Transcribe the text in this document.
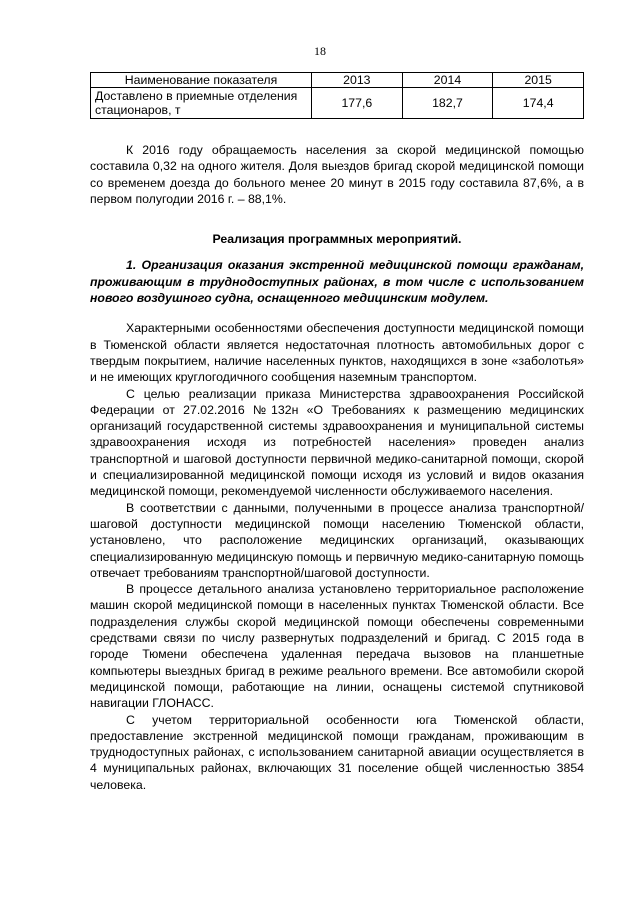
18
Наименование показателя	2013	2014	2015
Доставлено в приемные отделения стационаров, т	177,6	182,7	174,4

К 2016 году обращаемость населения за скорой медицинской помощью составила 0,32 на одного жителя. Доля выездов бригад скорой медицинской помощи со временем доезда до больного менее 20 минут в 2015 году составила 87,6%, а в первом полугодии 2016 г. – 88,1%.

Реализация программных мероприятий.

1. Организация оказания экстренной медицинской помощи гражданам, проживающим в труднодоступных районах, в том числе с использованием нового воздушного судна, оснащенного медицинским модулем.

Характерными особенностями обеспечения доступности медицинской помощи в Тюменской области является недостаточная плотность автомобильных дорог с твердым покрытием, наличие населенных пунктов, находящихся в зоне «заболотья» и не имеющих круглогодичного сообщения наземным транспортом.

С целью реализации приказа Министерства здравоохранения Российской Федерации от 27.02.2016 №132н «О Требованиях к размещению медицинских организаций государственной системы здравоохранения и муниципальной системы здравоохранения исходя из потребностей населения» проведен анализ транспортной и шаговой доступности первичной медико-санитарной помощи, скорой и специализированной медицинской помощи исходя из условий и видов оказания медицинской помощи, рекомендуемой численности обслуживаемого населения.

В соответствии с данными, полученными в процессе анализа транспортной/шаговой доступности медицинской помощи населению Тюменской области, установлено, что расположение медицинских организаций, оказывающих специализированную медицинскую помощь и первичную медико-санитарную помощь отвечает требованиям транспортной/шаговой доступности.

В процессе детального анализа установлено территориальное расположение машин скорой медицинской помощи в населенных пунктах Тюменской области. Все подразделения службы скорой медицинской помощи обеспечены современными средствами связи по числу развернутых подразделений и бригад. С 2015 года в городе Тюмени обеспечена удаленная передача вызовов на планшетные компьютеры выездных бригад в режиме реального времени. Все автомобили скорой медицинской помощи, работающие на линии, оснащены системой спутниковой навигации ГЛОНАСС.

С учетом территориальной особенности юга Тюменской области, предоставление экстренной медицинской помощи гражданам, проживающим в труднодоступных районах, с использованием санитарной авиации осуществляется в 4 муниципальных районах, включающих 31 поселение общей численностью 3854 человека.
